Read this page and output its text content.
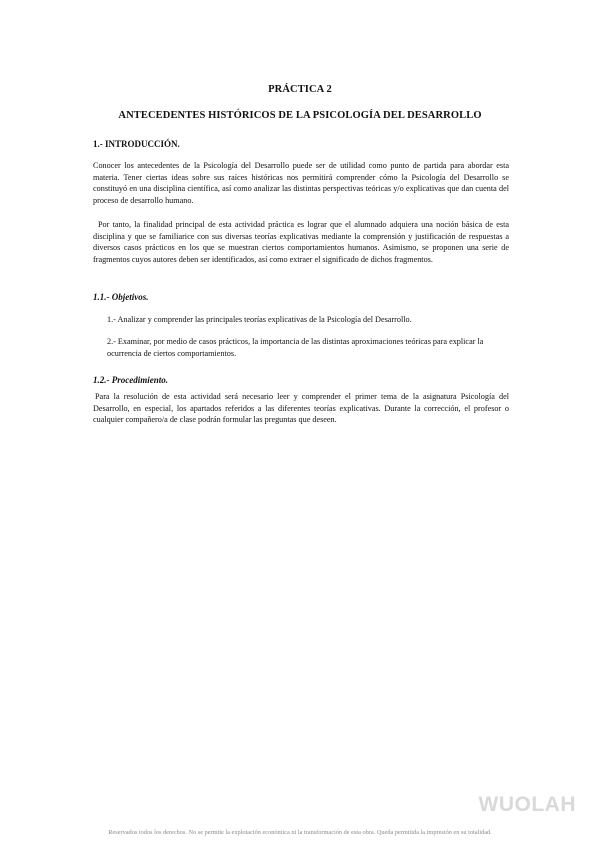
PRÁCTICA 2
ANTECEDENTES HISTÓRICOS DE LA PSICOLOGÍA DEL DESARROLLO
1.- INTRODUCCIÓN.

Conocer los antecedentes de la Psicología del Desarrollo puede ser de utilidad como punto de partida para abordar esta materia. Tener ciertas ideas sobre sus raíces históricas nos permitirá comprender cómo la Psicología del Desarrollo se constituyó en una disciplina científica, así como analizar las distintas perspectivas teóricas y/o explicativas que dan cuenta del proceso de desarrollo humano.

Por tanto, la finalidad principal de esta actividad práctica es lograr que el alumnado adquiera una noción básica de esta disciplina y que se familiarice con sus diversas teorías explicativas mediante la comprensión y justificación de respuestas a diversos casos prácticos en los que se muestran ciertos comportamientos humanos. Asimismo, se proponen una serie de fragmentos cuyos autores deben ser identificados, así como extraer el significado de dichos fragmentos.

1.1.- Objetivos.

1.- Analizar y comprender las principales teorías explicativas de la Psicología del Desarrollo.

2.- Examinar, por medio de casos prácticos, la importancia de las distintas aproximaciones teóricas para explicar la ocurrencia de ciertos comportamientos.

1.2.- Procedimiento.

Para la resolución de esta actividad será necesario leer y comprender el primer tema de la asignatura Psicología del Desarrollo, en especial, los apartados referidos a las diferentes teorías explicativas. Durante la corrección, el profesor o cualquier compañero/a de clase podrán formular las preguntas que deseen.

WUOLAH
Reservados todos los derechos. No se permite la explotación económica ni la transformación de esta obra. Queda permitida la impresión en su totalidad.
